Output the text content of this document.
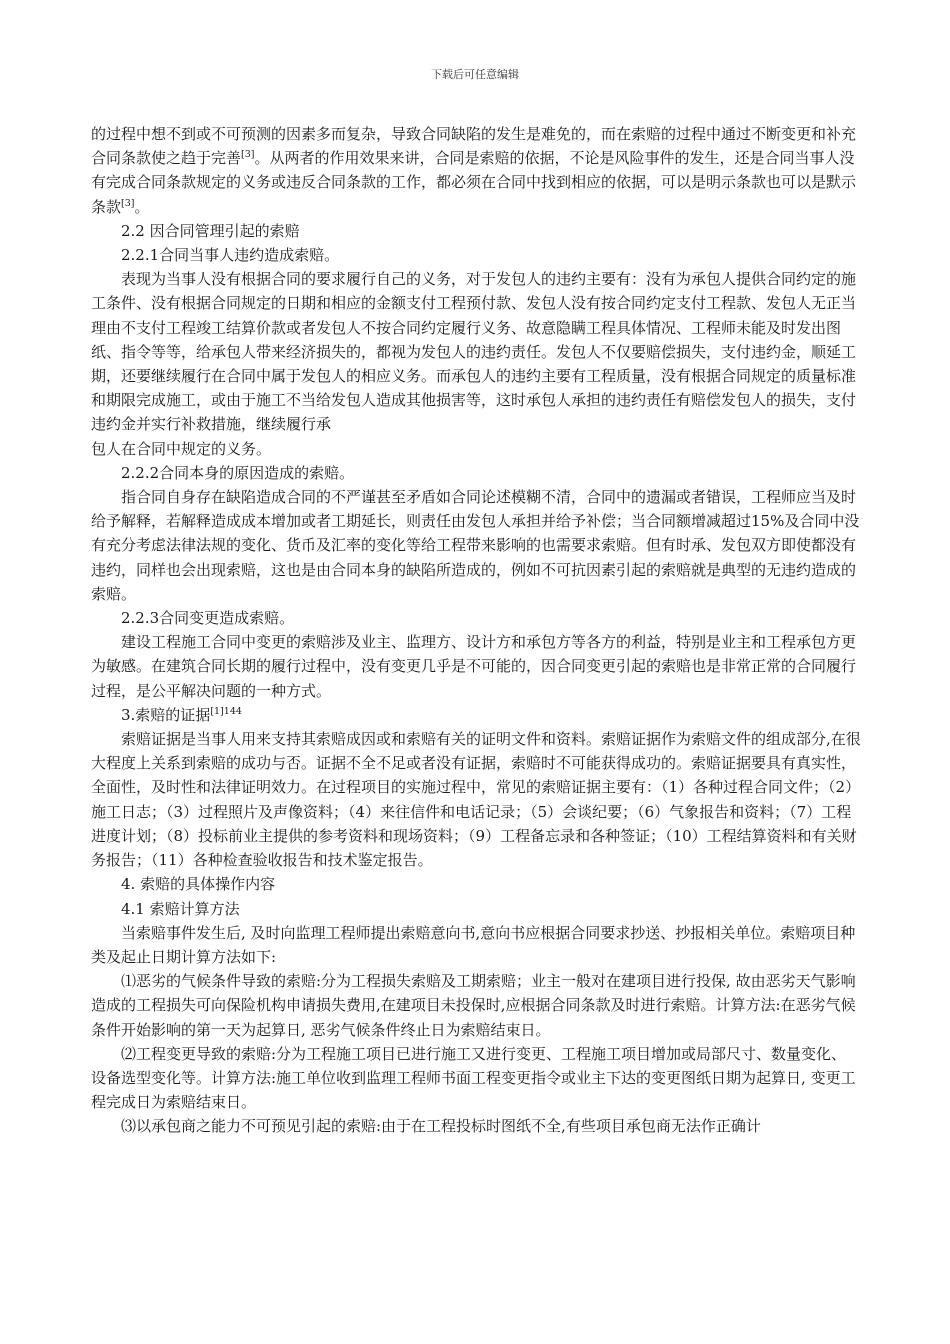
下载后可任意编辑

的过程中想不到或不可预测的因素多而复杂，导致合同缺陷的发生是难免的，而在索赔的过程中通过不断变更和补充合同条款使之趋于完善[3]。从两者的作用效果来讲，合同是索赔的依据，不论是风险事件的发生，还是合同当事人没有完成合同条款规定的义务或违反合同条款的工作，都必须在合同中找到相应的依据，可以是明示条款也可以是默示条款[3]。

2.2 因合同管理引起的索赔

2.2.1合同当事人违约造成索赔。

表现为当事人没有根据合同的要求履行自己的义务，对于发包人的违约主要有：没有为承包人提供合同约定的施工条件、没有根据合同规定的日期和相应的金额支付工程预付款、发包人没有按合同约定支付工程款、发包人无正当理由不支付工程竣工结算价款或者发包人不按合同约定履行义务、故意隐瞒工程具体情况、工程师未能及时发出图纸、指令等等，给承包人带来经济损失的，都视为发包人的违约责任。发包人不仅要赔偿损失，支付违约金，顺延工期，还要继续履行在合同中属于发包人的相应义务。而承包人的违约主要有工程质量，没有根据合同规定的质量标准和期限完成施工，或由于施工不当给发包人造成其他损害等，这时承包人承担的违约责任有赔偿发包人的损失，支付违约金并实行补救措施，继续履行承

包人在合同中规定的义务。

2.2.2合同本身的原因造成的索赔。

指合同自身存在缺陷造成合同的不严谨甚至矛盾如合同论述模糊不清，合同中的遗漏或者错误，工程师应当及时给予解释，若解释造成成本增加或者工期延长，则责任由发包人承担并给予补偿；当合同额增减超过15%及合同中没有充分考虑法律法规的变化、货币及汇率的变化等给工程带来影响的也需要求索赔。但有时承、发包双方即使都没有违约，同样也会出现索赔，这也是由合同本身的缺陷所造成的，例如不可抗因素引起的索赔就是典型的无违约造成的索赔。

2.2.3合同变更造成索赔。

建设工程施工合同中变更的索赔涉及业主、监理方、设计方和承包方等各方的利益，特别是业主和工程承包方更为敏感。在建筑合同长期的履行过程中，没有变更几乎是不可能的，因合同变更引起的索赔也是非常正常的合同履行过程，是公平解决问题的一种方式。

3.索赔的证据$^{[1]144}$

索赔证据是当事人用来支持其索赔成因或和索赔有关的证明文件和资料。索赔证据作为索赔文件的组成部分,在很大程度上关系到索赔的成功与否。证据不全不足或者没有证据，索赔时不可能获得成功的。索赔证据要具有真实性，全面性，及时性和法律证明效力。在过程项目的实施过程中，常见的索赔证据主要有：（1）各种过程合同文件；（2）施工日志；（3）过程照片及声像资料；（4）来往信件和电话记录；（5）会谈纪要；（6）气象报告和资料；（7）工程进度计划；（8）投标前业主提供的参考资料和现场资料；（9）工程备忘录和各种签证；（10）工程结算资料和有关财务报告；（11）各种检查验收报告和技术鉴定报告。

4. 索赔的具体操作内容

4.1 索赔计算方法

当索赔事件发生后, 及时向监理工程师提出索赔意向书,意向书应根据合同要求抄送、抄报相关单位。索赔项目种类及起止日期计算方法如下:

⑴恶劣的气候条件导致的索赔:分为工程损失索赔及工期索赔；业主一般对在建项目进行投保, 故由恶劣天气影响造成的工程损失可向保险机构申请损失费用,在建项目未投保时,应根据合同条款及时进行索赔。计算方法:在恶劣气候条件开始影响的第一天为起算日, 恶劣气候条件终止日为索赔结束日。

⑵工程变更导致的索赔:分为工程施工项目已进行施工又进行变更、工程施工项目增加或局部尺寸、数量变化、设备选型变化等。计算方法:施工单位收到监理工程师书面工程变更指令或业主下达的变更图纸日期为起算日, 变更工程完成日为索赔结束日。

⑶以承包商之能力不可预见引起的索赔:由于在工程投标时图纸不全,有些项目承包商无法作正确计
